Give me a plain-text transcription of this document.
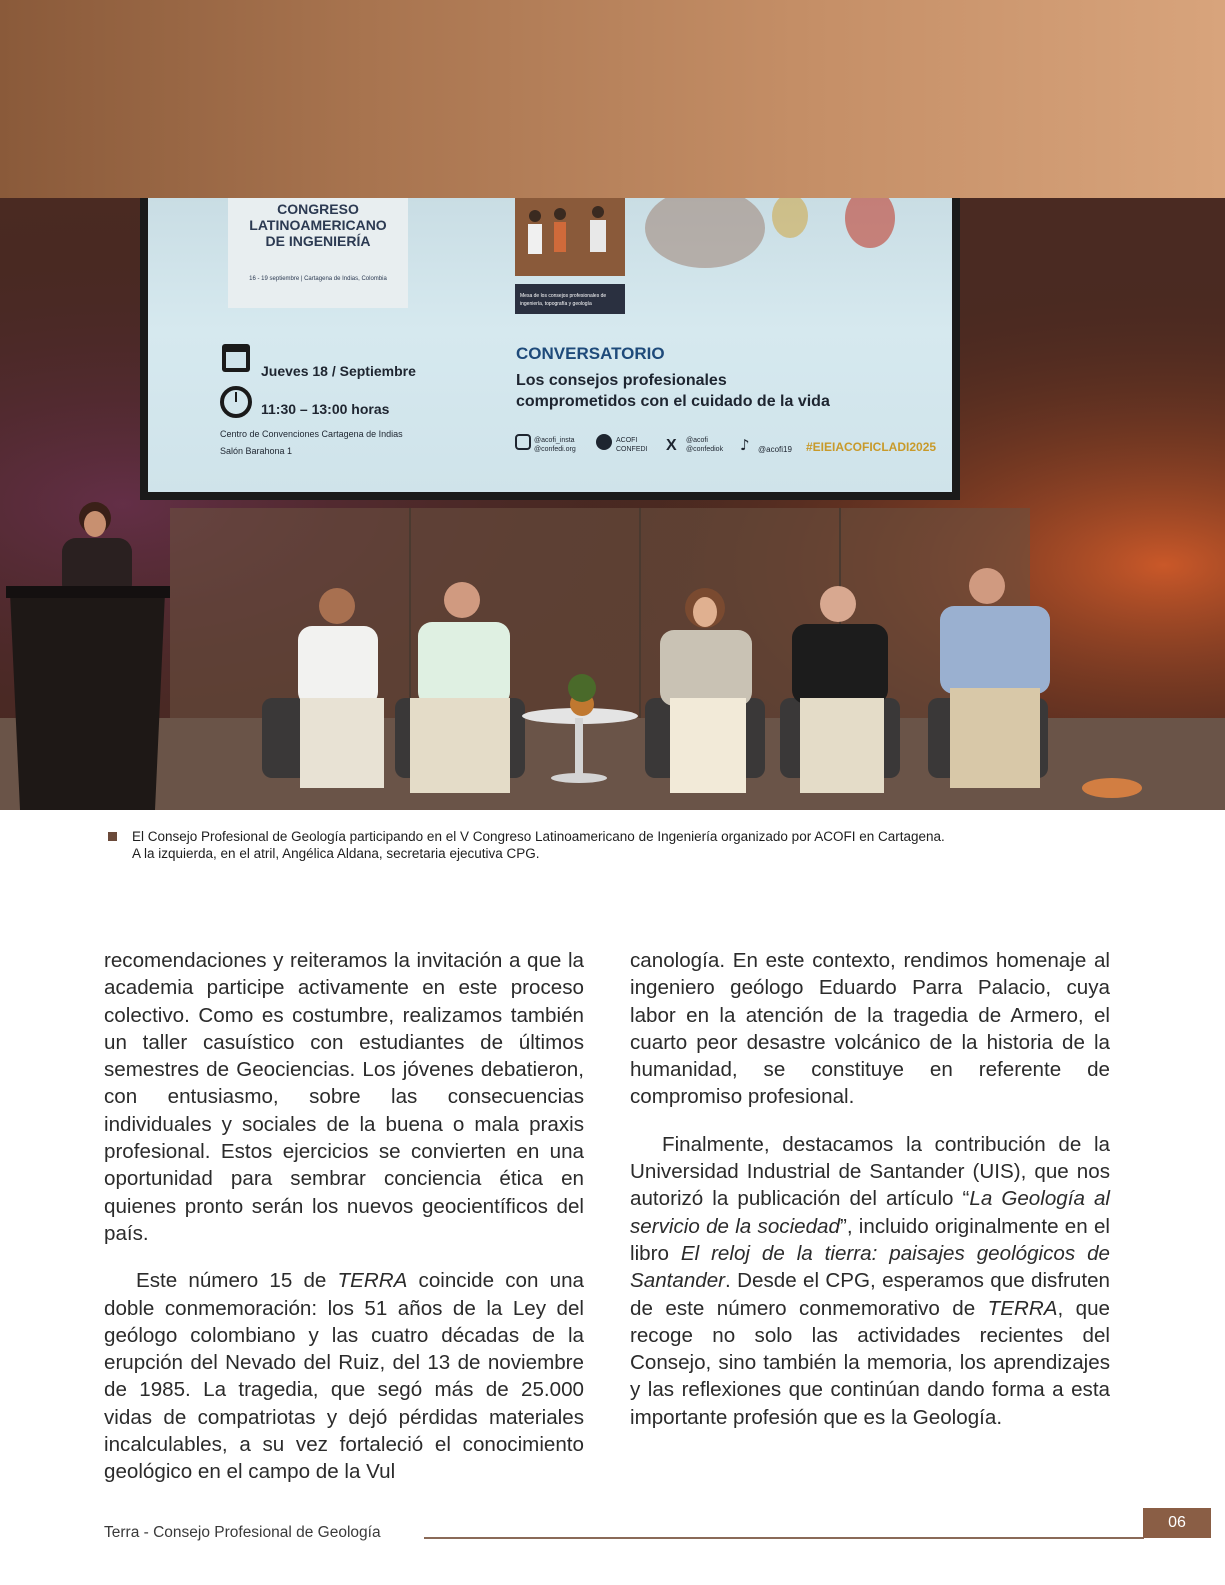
CONGRESO
LATINOAMERICANO
DE INGENIERÍA
16 - 19 septiembre | Cartagena de Indias, Colombia
Mesa de los consejos profesionales de
ingeniería, topografía y geología
Jueves 18 / Septiembre
11:30 – 13:00 horas
Centro de Convenciones Cartagena de Indias
Salón Barahona 1
CONVERSATORIO
Los consejos profesionales
comprometidos con el cuidado de la vida
@acofi_insta
@confedi.org
ACOFI
CONFEDI X @acofi
@confediok ♪ @acofi19 #EIEIACOFICLADI2025
El Consejo Profesional de Geología participando en el V Congreso Latinoamericano de Ingeniería organizado por ACOFI en Cartagena.
A la izquierda, en el atril, Angélica Aldana, secretaria ejecutiva CPG.

recomendaciones y reiteramos la invitación a que la academia participe activamente en este proceso colectivo. Como es costumbre, realizamos también un taller casuístico con estudiantes de últimos semestres de Geociencias. Los jóvenes debatieron, con entusiasmo, sobre las consecuencias individuales y sociales de la buena o mala praxis profesional. Estos ejercicios se convierten en una oportunidad para sembrar conciencia ética en quienes pronto serán los nuevos geocientíficos del país.

Este número 15 de TERRA coincide con una doble conmemoración: los 51 años de la Ley del geólogo colombiano y las cuatro décadas de la erupción del Nevado del Ruiz, del 13 de noviembre de 1985. La tragedia, que segó más de 25.000 vidas de compatriotas y dejó pérdidas materiales incalculables, a su vez fortaleció el conocimiento geológico en el campo de la Vul

canología. En este contexto, rendimos homenaje al ingeniero geólogo Eduardo Parra Palacio, cuya labor en la atención de la tragedia de Armero, el cuarto peor desastre volcánico de la historia de la humanidad, se constituye en referente de compromiso profesional.

Finalmente, destacamos la contribución de la Universidad Industrial de Santander (UIS), que nos autorizó la publicación del artículo “La Geología al servicio de la sociedad”, incluido originalmente en el libro El reloj de la tierra: paisajes geológicos de Santander. Desde el CPG, esperamos que disfruten de este número conmemorativo de TERRA, que recoge no solo las actividades recientes del Consejo, sino también la memoria, los aprendizajes y las reflexiones que continúan dando forma a esta importante profesión que es la Geología.

Terra - Consejo Profesional de Geología
06
